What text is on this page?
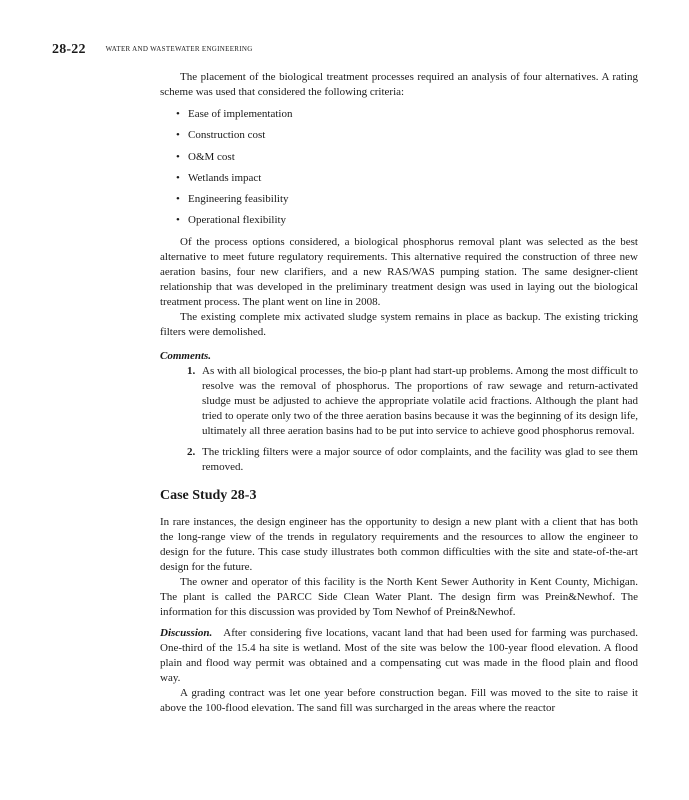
28-22	WATER AND WASTEWATER ENGINEERING

The placement of the biological treatment processes required an analysis of four alternatives. A rating scheme was used that considered the following criteria:

• Ease of implementation
• Construction cost
• O&M cost
• Wetlands impact
• Engineering feasibility
• Operational flexibility

Of the process options considered, a biological phosphorus removal plant was selected as the best alternative to meet future regulatory requirements. This alternative required the construction of three new aeration basins, four new clarifiers, and a new RAS/WAS pumping station. The same designer-client relationship that was developed in the preliminary treatment design was used in laying out the biological treatment process. The plant went on line in 2008.

The existing complete mix activated sludge system remains in place as backup. The existing tricking filters were demolished.

Comments.
1. As with all biological processes, the bio-p plant had start-up problems. Among the most difficult to resolve was the removal of phosphorus. The proportions of raw sewage and return-activated sludge must be adjusted to achieve the appropriate volatile acid fractions. Although the plant had tried to operate only two of the three aeration basins because it was the beginning of its design life, ultimately all three aeration basins had to be put into service to achieve good phosphorus removal.
2. The trickling filters were a major source of odor complaints, and the facility was glad to see them removed.
Case Study 28-3

In rare instances, the design engineer has the opportunity to design a new plant with a client that has both the long-range view of the trends in regulatory requirements and the resources to allow the engineer to design for the future. This case study illustrates both common difficulties with the site and state-of-the-art design for the future.

The owner and operator of this facility is the North Kent Sewer Authority in Kent County, Michigan. The plant is called the PARCC Side Clean Water Plant. The design firm was Prein&Newhof. The information for this discussion was provided by Tom Newhof of Prein&Newhof.

Discussion. After considering five locations, vacant land that had been used for farming was purchased. One-third of the 15.4 ha site is wetland. Most of the site was below the 100-year flood elevation. A flood plain and flood way permit was obtained and a compensating cut was made in the flood plain and flood way.

A grading contract was let one year before construction began. Fill was moved to the site to raise it above the 100-flood elevation. The sand fill was surcharged in the areas where the reactor
